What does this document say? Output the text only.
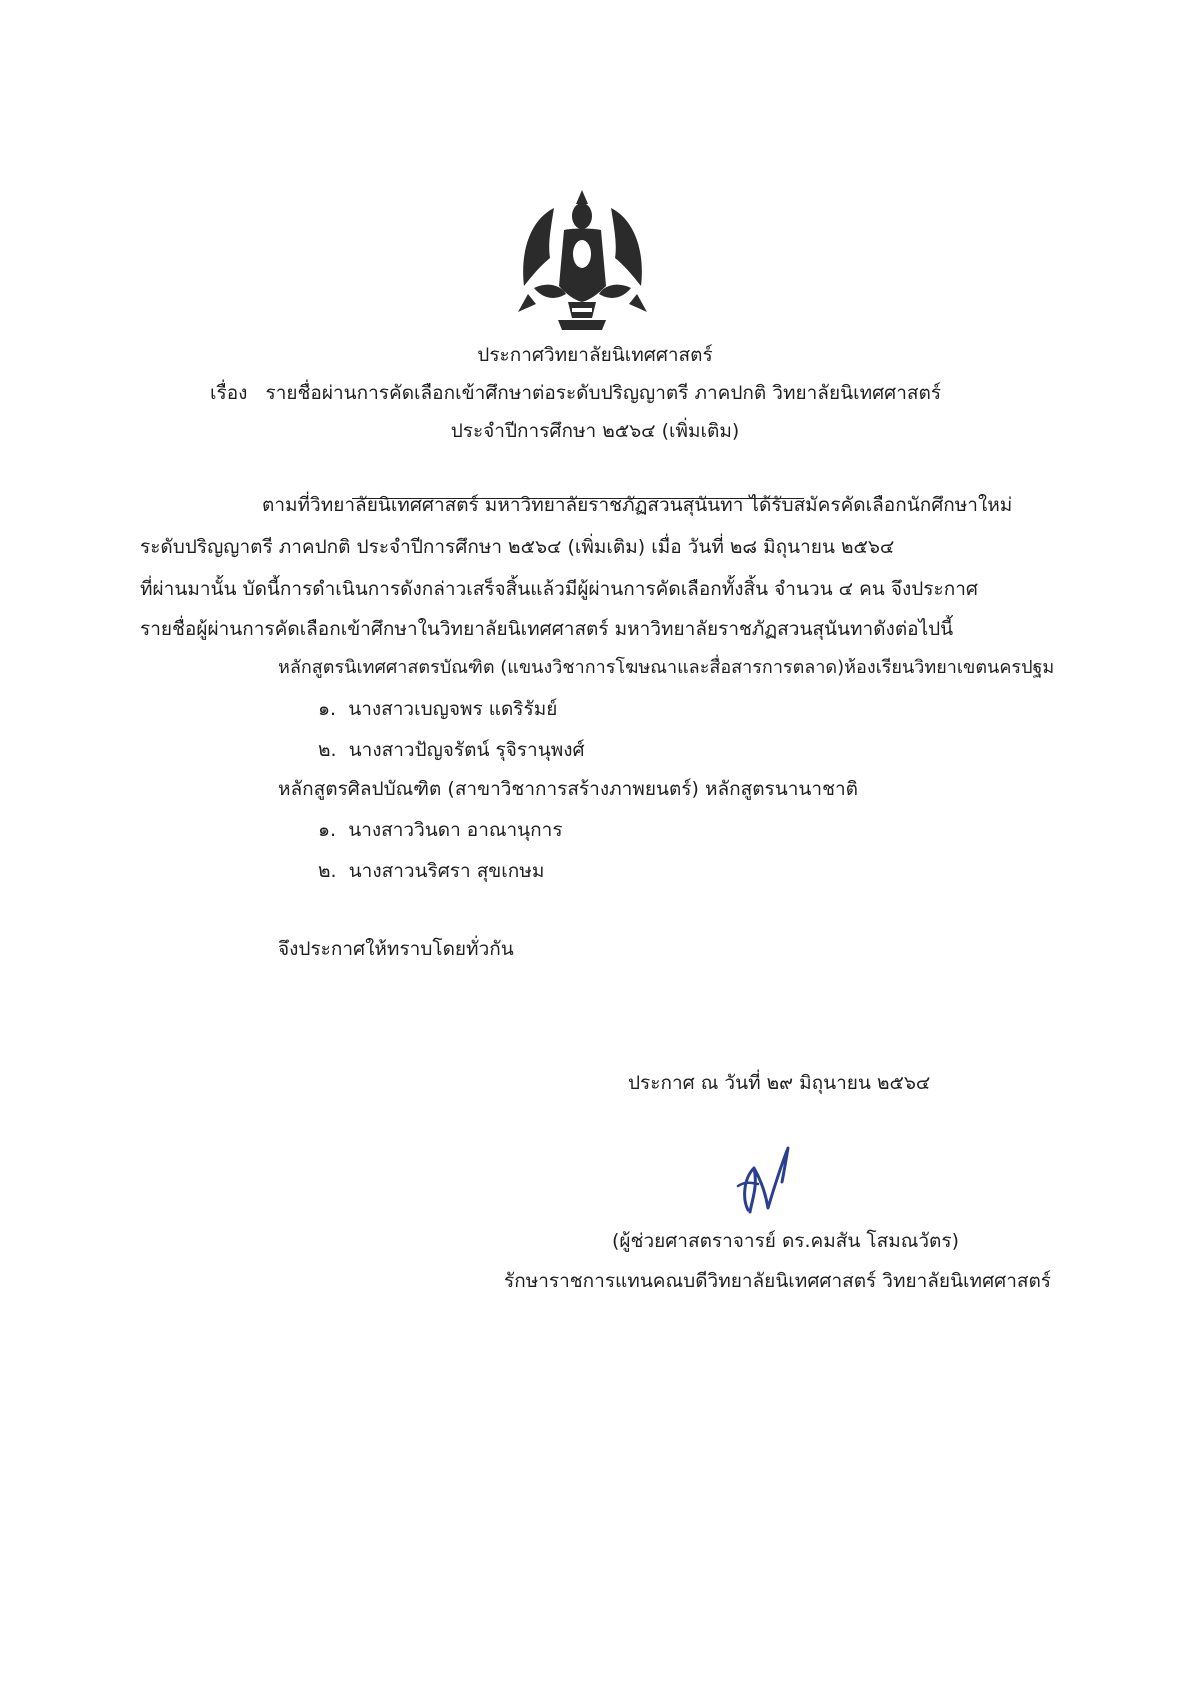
ประกาศวิทยาลัยนิเทศศาสตร์
เรื่อง รายชื่อผ่านการคัดเลือกเข้าศึกษาต่อระดับปริญญาตรี ภาคปกติ วิทยาลัยนิเทศศาสตร์
ประจำปีการศึกษา ๒๕๖๔ (เพิ่มเติม)
ตามที่วิทยาลัยนิเทศศาสตร์ มหาวิทยาลัยราชภัฏสวนสุนันทา ได้รับสมัครคัดเลือกนักศึกษาใหม่
ระดับปริญญาตรี ภาคปกติ ประจำปีการศึกษา ๒๕๖๔ (เพิ่มเติม) เมื่อ วันที่ ๒๘ มิถุนายน ๒๕๖๔
ที่ผ่านมานั้น บัดนี้การดำเนินการดังกล่าวเสร็จสิ้นแล้วมีผู้ผ่านการคัดเลือกทั้งสิ้น จำนวน ๔ คน จึงประกาศ
รายชื่อผู้ผ่านการคัดเลือกเข้าศึกษาในวิทยาลัยนิเทศศาสตร์ มหาวิทยาลัยราชภัฏสวนสุนันทาดังต่อไปนี้
หลักสูตรนิเทศศาสตรบัณฑิต (แขนงวิชาการโฆษณาและสื่อสารการตลาด)ห้องเรียนวิทยาเขตนครปฐม
๑. นางสาวเบญจพร แดริรัมย์
๒. นางสาวปัญจรัตน์ รุจิรานุพงศ์
หลักสูตรศิลปบัณฑิต (สาขาวิชาการสร้างภาพยนตร์) หลักสูตรนานาชาติ
๑. นางสาววินดา อาณานุการ
๒. นางสาวนริศรา สุขเกษม
จึงประกาศให้ทราบโดยทั่วกัน
ประกาศ ณ วันที่ ๒๙ มิถุนายน ๒๕๖๔
(ผู้ช่วยศาสตราจารย์ ดร.คมสัน โสมณวัตร)
รักษาราชการแทนคณบดีวิทยาลัยนิเทศศาสตร์ วิทยาลัยนิเทศศาสตร์
